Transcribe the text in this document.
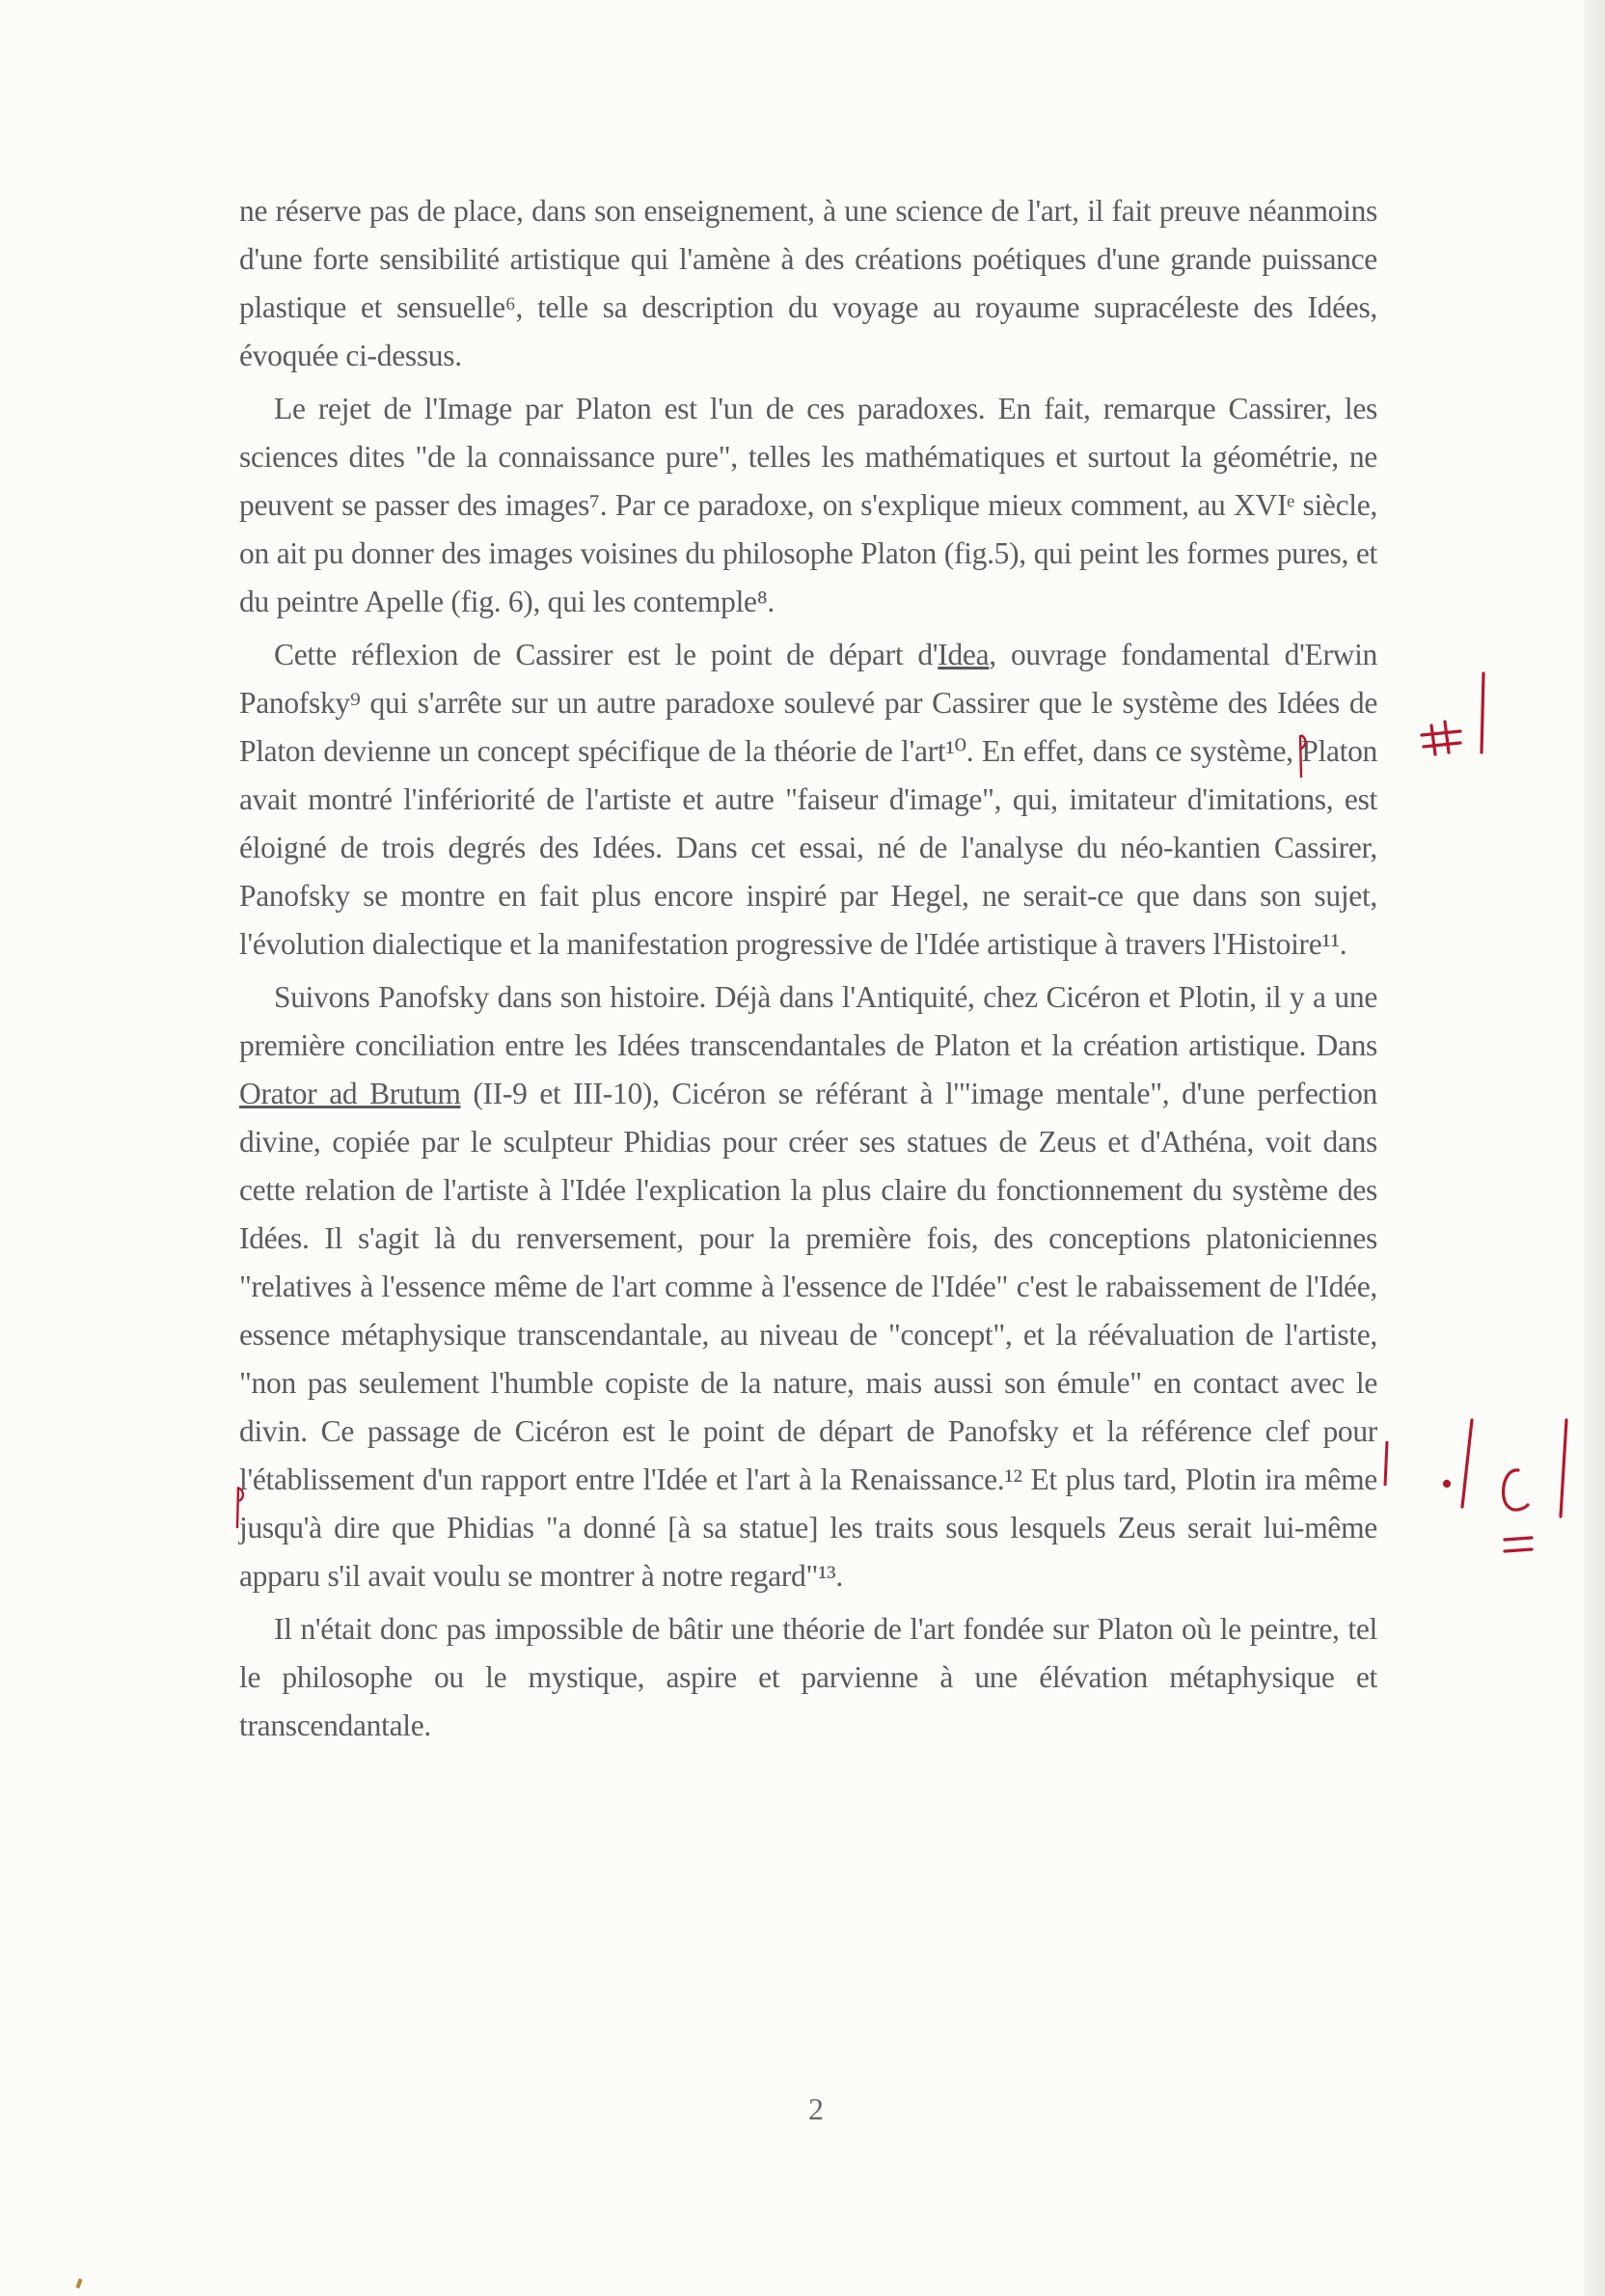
ne réserve pas de place, dans son enseignement, à une science de l'art, il fait preuve néanmoins d'une forte sensibilité artistique qui l'amène à des créations poétiques d'une grande puissance plastique et sensuelle⁶, telle sa description du voyage au royaume supracéleste des Idées, évoquée ci-dessus.

Le rejet de l'Image par Platon est l'un de ces paradoxes. En fait, remarque Cassirer, les sciences dites "de la connaissance pure", telles les mathématiques et surtout la géométrie, ne peuvent se passer des images⁷. Par ce paradoxe, on s'explique mieux comment, au XVIᵉ siècle, on ait pu donner des images voisines du philosophe Platon (fig.5), qui peint les formes pures, et du peintre Apelle (fig. 6), qui les contemple⁸.

Cette réflexion de Cassirer est le point de départ d'Idea, ouvrage fondamental d'Erwin Panofsky⁹ qui s'arrête sur un autre paradoxe soulevé par Cassirer que le système des Idées de Platon devienne un concept spécifique de la théorie de l'art¹⁰. En effet, dans ce système, Platon avait montré l'infériorité de l'artiste et autre "faiseur d'image", qui, imitateur d'imitations, est éloigné de trois degrés des Idées. Dans cet essai, né de l'analyse du néo-kantien Cassirer, Panofsky se montre en fait plus encore inspiré par Hegel, ne serait-ce que dans son sujet, l'évolution dialectique et la manifestation progressive de l'Idée artistique à travers l'Histoire¹¹.

Suivons Panofsky dans son histoire. Déjà dans l'Antiquité, chez Cicéron et Plotin, il y a une première conciliation entre les Idées transcendantales de Platon et la création artistique. Dans Orator ad Brutum (II-9 et III-10), Cicéron se référant à l'"image mentale", d'une perfection divine, copiée par le sculpteur Phidias pour créer ses statues de Zeus et d'Athéna, voit dans cette relation de l'artiste à l'Idée l'explication la plus claire du fonctionnement du système des Idées. Il s'agit là du renversement, pour la première fois, des conceptions platoniciennes "relatives à l'essence même de l'art comme à l'essence de l'Idée" c'est le rabaissement de l'Idée, essence métaphysique transcendantale, au niveau de "concept", et la réévaluation de l'artiste, "non pas seulement l'humble copiste de la nature, mais aussi son émule" en contact avec le divin. Ce passage de Cicéron est le point de départ de Panofsky et la référence clef pour l'établissement d'un rapport entre l'Idée et l'art à la Renaissance.¹² Et plus tard, Plotin ira même jusqu'à dire que Phidias "a donné [à sa statue] les traits sous lesquels Zeus serait lui-même apparu s'il avait voulu se montrer à notre regard"¹³.

Il n'était donc pas impossible de bâtir une théorie de l'art fondée sur Platon où le peintre, tel le philosophe ou le mystique, aspire et parvienne à une élévation métaphysique et transcendantale.

2
